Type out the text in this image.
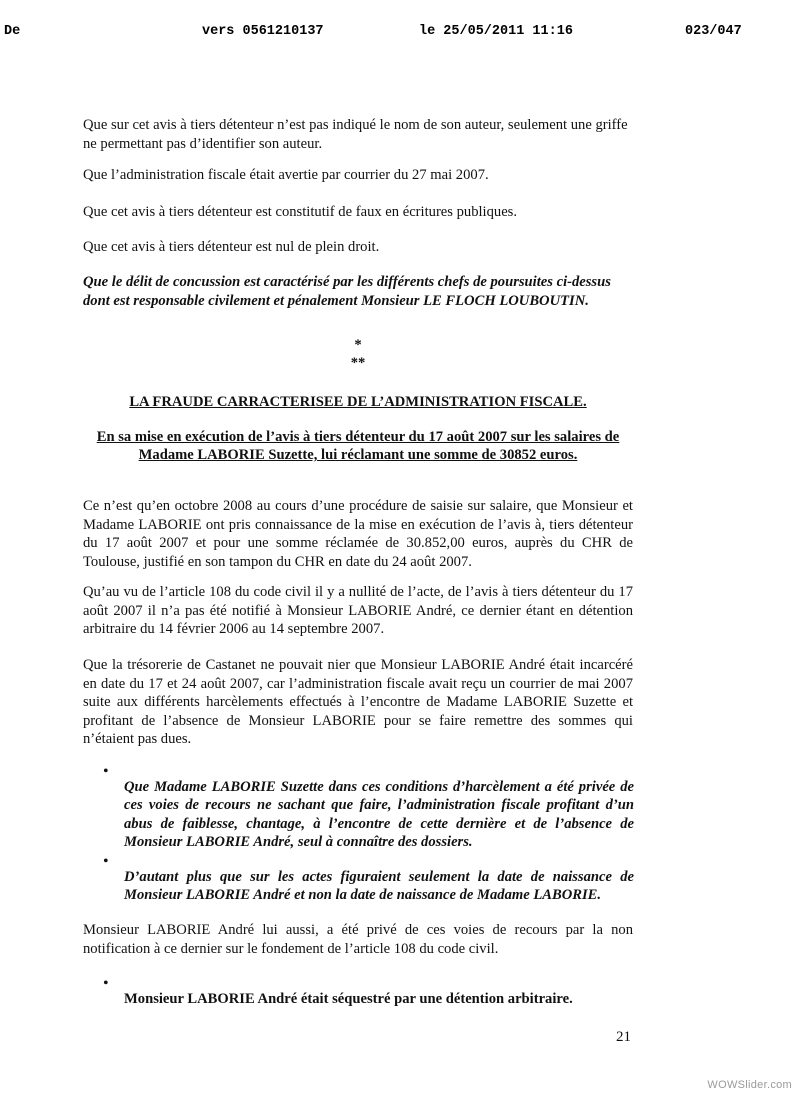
De	vers 0561210137	le 25/05/2011 11:16	023/047

Que sur cet avis à tiers détenteur n’est pas indiqué le nom de son auteur, seulement une griffe ne permettant pas d’identifier son auteur.

Que l’administration fiscale était avertie par courrier du 27 mai 2007.

Que cet avis à tiers détenteur est constitutif de faux en écritures publiques.

Que cet avis à tiers détenteur est nul de plein droit.

Que le délit de concussion est caractérisé par les différents chefs de poursuites ci-dessus dont est responsable civilement et pénalement Monsieur LE FLOCH LOUBOUTIN.

*
**
LA FRAUDE CARRACTERISEE DE L’ADMINISTRATION FISCALE.
En sa mise en exécution de l’avis à tiers détenteur du 17 août 2007 sur les salaires de
Madame LABORIE Suzette, lui réclamant une somme de 30852 euros.

Ce n’est qu’en octobre 2008 au cours d’une procédure de saisie sur salaire, que Monsieur et Madame LABORIE ont pris connaissance de la mise en exécution de l’avis à, tiers détenteur du 17 août 2007 et pour une somme réclamée de 30.852,00 euros, auprès du CHR de Toulouse, justifié en son tampon du CHR en date du 24 août 2007.

Qu’au vu de l’article 108 du code civil il y a nullité de l’acte, de l’avis à tiers détenteur du 17 août 2007 il n’a pas été notifié à Monsieur LABORIE André, ce dernier étant en détention arbitraire du 14 février 2006 au 14 septembre 2007.

Que la trésorerie de Castanet ne pouvait nier que Monsieur LABORIE André était incarcéré en date du 17 et 24 août 2007, car l’administration fiscale avait reçu un courrier de mai 2007 suite aux différents harcèlements effectués à l’encontre de Madame LABORIE Suzette et profitant de l’absence de Monsieur LABORIE pour se faire remettre des sommes qui n’étaient pas dues.

•

Que Madame LABORIE Suzette dans ces conditions d’harcèlement a été privée de ces voies de recours ne sachant que faire, l’administration fiscale profitant d’un abus de faiblesse, chantage, à l’encontre de cette dernière et de l’absence de Monsieur LABORIE André, seul à connaître des dossiers.

•

D’autant plus que sur les actes figuraient seulement la date de naissance de Monsieur LABORIE André et non la date de naissance de Madame LABORIE.

Monsieur LABORIE André lui aussi, a été privé de ces voies de recours par la non notification à ce dernier sur le fondement de l’article 108 du code civil.

•

Monsieur LABORIE André était séquestré par une détention arbitraire.

21
WOWSlider.com
